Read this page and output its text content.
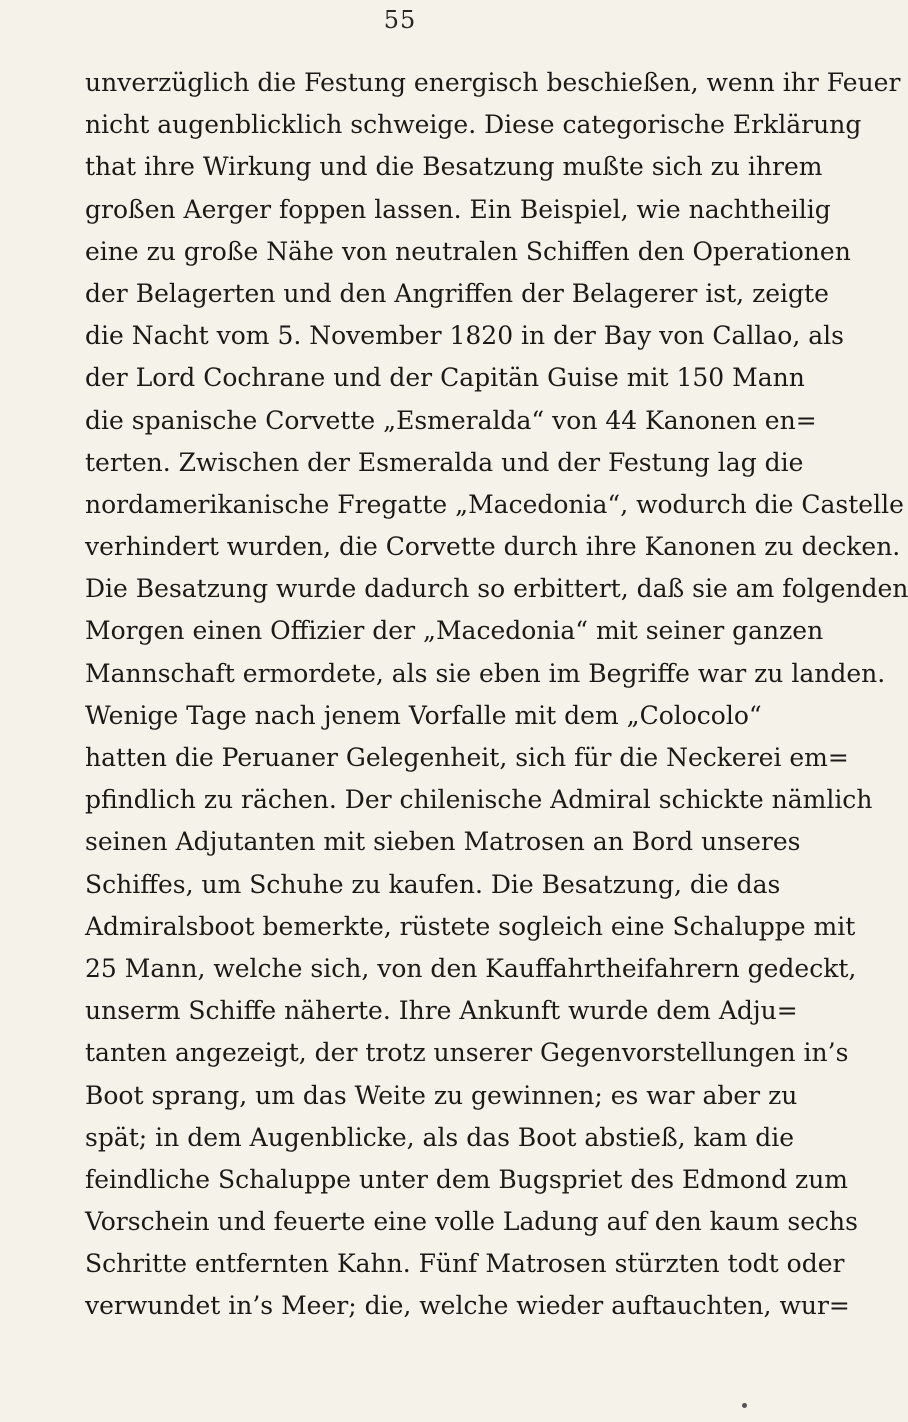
55
unverzüglich die Festung energisch beschießen, wenn ihr Feuer
nicht augenblicklich schweige. Diese categorische Erklärung
that ihre Wirkung und die Besatzung mußte sich zu ihrem
großen Aerger foppen lassen. Ein Beispiel, wie nachtheilig
eine zu große Nähe von neutralen Schiffen den Operationen
der Belagerten und den Angriffen der Belagerer ist, zeigte
die Nacht vom 5. November 1820 in der Bay von Callao, als
der Lord Cochrane und der Capitän Guise mit 150 Mann
die spanische Corvette „Esmeralda“ von 44 Kanonen en=
terten. Zwischen der Esmeralda und der Festung lag die
nordamerikanische Fregatte „Macedonia“, wodurch die Castelle
verhindert wurden, die Corvette durch ihre Kanonen zu decken.
Die Besatzung wurde dadurch so erbittert, daß sie am folgenden
Morgen einen Offizier der „Macedonia“ mit seiner ganzen
Mannschaft ermordete, als sie eben im Begriffe war zu landen.
Wenige Tage nach jenem Vorfalle mit dem „Colocolo“
hatten die Peruaner Gelegenheit, sich für die Neckerei em=
pfindlich zu rächen. Der chilenische Admiral schickte nämlich
seinen Adjutanten mit sieben Matrosen an Bord unseres
Schiffes, um Schuhe zu kaufen. Die Besatzung, die das
Admiralsboot bemerkte, rüstete sogleich eine Schaluppe mit
25 Mann, welche sich, von den Kauffahrtheifahrern gedeckt,
unserm Schiffe näherte. Ihre Ankunft wurde dem Adju=
tanten angezeigt, der trotz unserer Gegenvorstellungen in’s
Boot sprang, um das Weite zu gewinnen; es war aber zu
spät; in dem Augenblicke, als das Boot abstieß, kam die
feindliche Schaluppe unter dem Bugspriet des Edmond zum
Vorschein und feuerte eine volle Ladung auf den kaum sechs
Schritte entfernten Kahn. Fünf Matrosen stürzten todt oder
verwundet in’s Meer; die, welche wieder auftauchten, wur=
